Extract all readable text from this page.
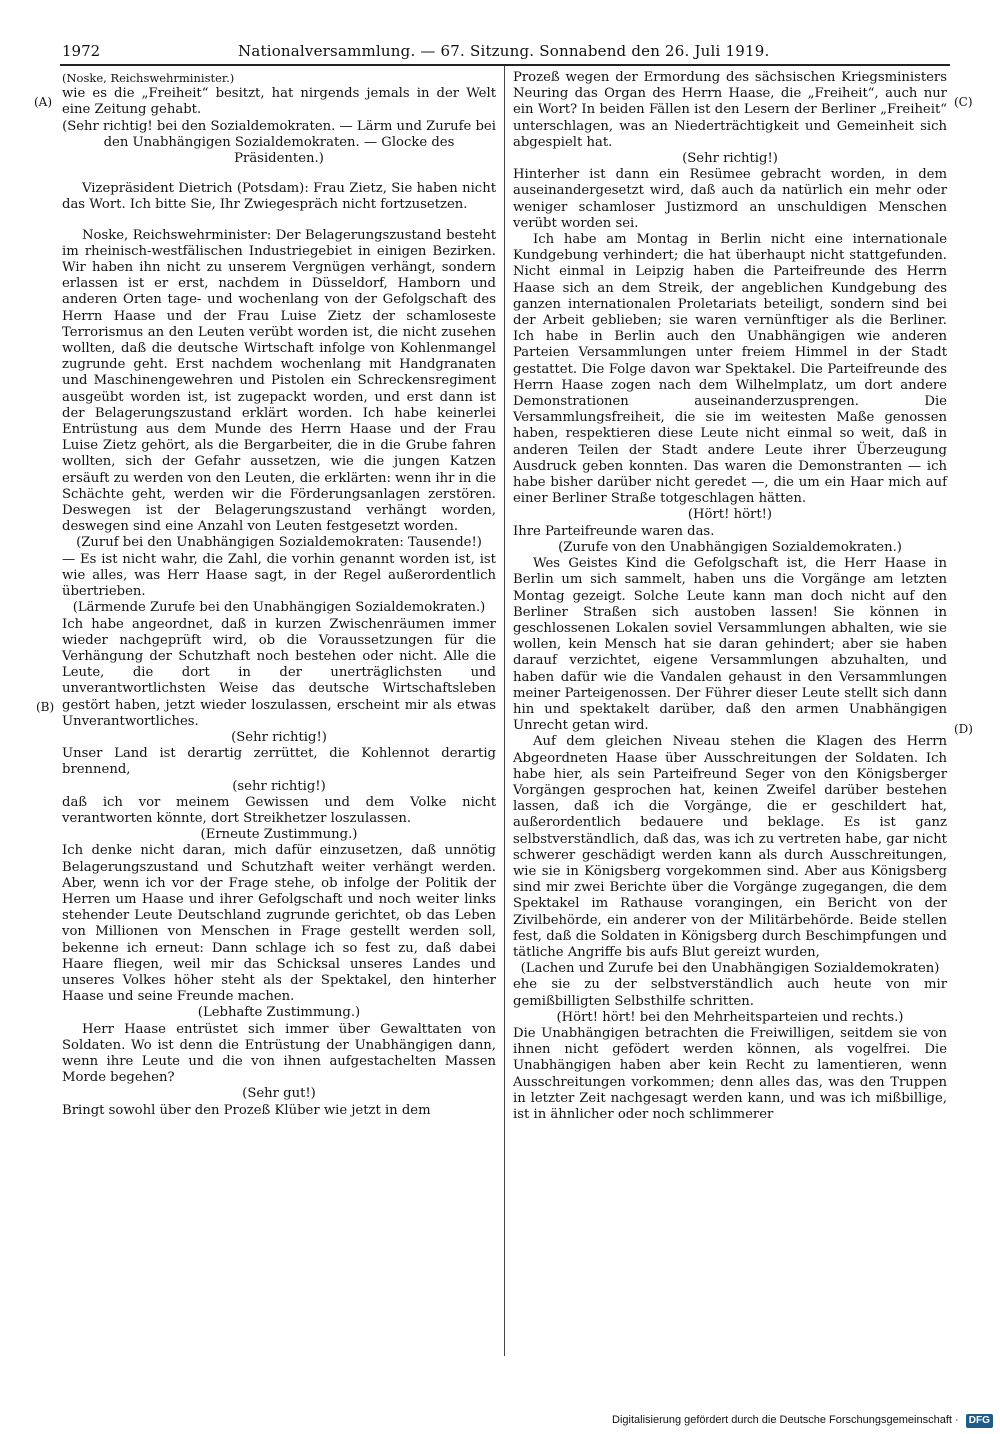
1972	Nationalversammlung. — 67. Sitzung. Sonnabend den 26. Juli 1919.
(A)
(B)
(C)
(D)

(Noske, Reichswehrminister.)

wie es die „Freiheit“ besitzt, hat nirgends jemals in der Welt eine Zeitung gehabt.

(Sehr richtig! bei den Sozialdemokraten. — Lärm und Zurufe bei den Unabhängigen Sozialdemokraten. — Glocke des Präsidenten.)

Vizepräsident Dietrich (Potsdam): Frau Zietz, Sie haben nicht das Wort. Ich bitte Sie, Ihr Zwiegespräch nicht fortzusetzen.

Noske, Reichswehrminister: Der Belagerungszustand besteht im rheinisch-westfälischen Industriegebiet in einigen Bezirken. Wir haben ihn nicht zu unserem Vergnügen verhängt, sondern erlassen ist er erst, nachdem in Düsseldorf, Hamborn und anderen Orten tage- und wochenlang von der Gefolgschaft des Herrn Haase und der Frau Luise Zietz der schamloseste Terrorismus an den Leuten verübt worden ist, die nicht zusehen wollten, daß die deutsche Wirtschaft infolge von Kohlenmangel zugrunde geht. Erst nachdem wochenlang mit Handgranaten und Maschinengewehren und Pistolen ein Schreckensregiment ausgeübt worden ist, ist zugepackt worden, und erst dann ist der Belagerungszustand erklärt worden. Ich habe keinerlei Entrüstung aus dem Munde des Herrn Haase und der Frau Luise Zietz gehört, als die Bergarbeiter, die in die Grube fahren wollten, sich der Gefahr aussetzen, wie die jungen Katzen ersäuft zu werden von den Leuten, die erklärten: wenn ihr in die Schächte geht, werden wir die Förderungsanlagen zerstören. Deswegen ist der Belagerungszustand verhängt worden, deswegen sind eine Anzahl von Leuten festgesetzt worden.

(Zuruf bei den Unabhängigen Sozialdemokraten: Tausende!)

— Es ist nicht wahr, die Zahl, die vorhin genannt worden ist, ist wie alles, was Herr Haase sagt, in der Regel außerordentlich übertrieben.

(Lärmende Zurufe bei den Unabhängigen Sozialdemokraten.)

Ich habe angeordnet, daß in kurzen Zwischenräumen immer wieder nachgeprüft wird, ob die Voraussetzungen für die Verhängung der Schutzhaft noch bestehen oder nicht. Alle die Leute, die dort in der unerträglichsten und unverantwortlichsten Weise das deutsche Wirtschaftsleben gestört haben, jetzt wieder loszulassen, erscheint mir als etwas Unverantwortliches.

(Sehr richtig!)

Unser Land ist derartig zerrüttet, die Kohlennot derartig brennend,

(sehr richtig!)

daß ich vor meinem Gewissen und dem Volke nicht verantworten könnte, dort Streikhetzer loszulassen.

(Erneute Zustimmung.)

Ich denke nicht daran, mich dafür einzusetzen, daß unnötig Belagerungszustand und Schutzhaft weiter verhängt werden. Aber, wenn ich vor der Frage stehe, ob infolge der Politik der Herren um Haase und ihrer Gefolgschaft und noch weiter links stehender Leute Deutschland zugrunde gerichtet, ob das Leben von Millionen von Menschen in Frage gestellt werden soll, bekenne ich erneut: Dann schlage ich so fest zu, daß dabei Haare fliegen, weil mir das Schicksal unseres Landes und unseres Volkes höher steht als der Spektakel, den hinterher Haase und seine Freunde machen.

(Lebhafte Zustimmung.)

Herr Haase entrüstet sich immer über Gewalttaten von Soldaten. Wo ist denn die Entrüstung der Unabhängigen dann, wenn ihre Leute und die von ihnen aufgestachelten Massen Morde begehen?

(Sehr gut!)

Bringt sowohl über den Prozeß Klüber wie jetzt in dem

Prozeß wegen der Ermordung des sächsischen Kriegsministers Neuring das Organ des Herrn Haase, die „Freiheit“, auch nur ein Wort? In beiden Fällen ist den Lesern der Berliner „Freiheit“ unterschlagen, was an Niederträchtigkeit und Gemeinheit sich abgespielt hat.

(Sehr richtig!)

Hinterher ist dann ein Resümee gebracht worden, in dem auseinandergesetzt wird, daß auch da natürlich ein mehr oder weniger schamloser Justizmord an unschuldigen Menschen verübt worden sei.

Ich habe am Montag in Berlin nicht eine internationale Kundgebung verhindert; die hat überhaupt nicht stattgefunden. Nicht einmal in Leipzig haben die Parteifreunde des Herrn Haase sich an dem Streik, der angeblichen Kundgebung des ganzen internationalen Proletariats beteiligt, sondern sind bei der Arbeit geblieben; sie waren vernünftiger als die Berliner. Ich habe in Berlin auch den Unabhängigen wie anderen Parteien Versammlungen unter freiem Himmel in der Stadt gestattet. Die Folge davon war Spektakel. Die Parteifreunde des Herrn Haase zogen nach dem Wilhelmplatz, um dort andere Demonstrationen auseinanderzusprengen. Die Versammlungsfreiheit, die sie im weitesten Maße genossen haben, respektieren diese Leute nicht einmal so weit, daß in anderen Teilen der Stadt andere Leute ihrer Überzeugung Ausdruck geben konnten. Das waren die Demonstranten — ich habe bisher darüber nicht geredet —, die um ein Haar mich auf einer Berliner Straße totgeschlagen hätten.

(Hört! hört!)

Ihre Parteifreunde waren das.

(Zurufe von den Unabhängigen Sozialdemokraten.)

Wes Geistes Kind die Gefolgschaft ist, die Herr Haase in Berlin um sich sammelt, haben uns die Vorgänge am letzten Montag gezeigt. Solche Leute kann man doch nicht auf den Berliner Straßen sich austoben lassen! Sie können in geschlossenen Lokalen soviel Versammlungen abhalten, wie sie wollen, kein Mensch hat sie daran gehindert; aber sie haben darauf verzichtet, eigene Versammlungen abzuhalten, und haben dafür wie die Vandalen gehaust in den Versammlungen meiner Parteigenossen. Der Führer dieser Leute stellt sich dann hin und spektakelt darüber, daß den armen Unabhängigen Unrecht getan wird.

Auf dem gleichen Niveau stehen die Klagen des Herrn Abgeordneten Haase über Ausschreitungen der Soldaten. Ich habe hier, als sein Parteifreund Seger von den Königsberger Vorgängen gesprochen hat, keinen Zweifel darüber bestehen lassen, daß ich die Vorgänge, die er geschildert hat, außerordentlich bedauere und beklage. Es ist ganz selbstverständlich, daß das, was ich zu vertreten habe, gar nicht schwerer geschädigt werden kann als durch Ausschreitungen, wie sie in Königsberg vorgekommen sind. Aber aus Königsberg sind mir zwei Berichte über die Vorgänge zugegangen, die dem Spektakel im Rathause vorangingen, ein Bericht von der Zivilbehörde, ein anderer von der Militärbehörde. Beide stellen fest, daß die Soldaten in Königsberg durch Beschimpfungen und tätliche Angriffe bis aufs Blut gereizt wurden,

(Lachen und Zurufe bei den Unabhängigen Sozialdemokraten)

ehe sie zu der selbstverständlich auch heute von mir gemißbilligten Selbsthilfe schritten.

(Hört! hört! bei den Mehrheitsparteien und rechts.)

Die Unabhängigen betrachten die Freiwilligen, seitdem sie von ihnen nicht gefödert werden können, als vogelfrei. Die Unabhängigen haben aber kein Recht zu lamentieren, wenn Ausschreitungen vorkommen; denn alles das, was den Truppen in letzter Zeit nachgesagt werden kann, und was ich mißbillige, ist in ähnlicher oder noch schlimmerer

Digitalisierung gefördert durch die Deutsche Forschungsgemeinschaft · DFG
